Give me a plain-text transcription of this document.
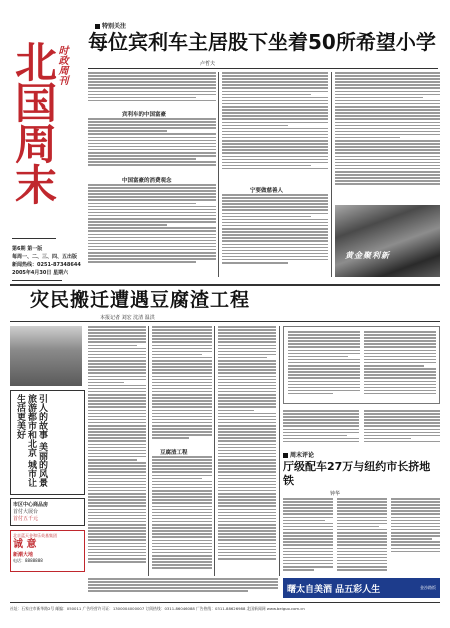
北国周末
时政周刊
第6期 第一版
每周一、二、三、四、五出版
新闻热线：0251-87348644
2005年4月30日 星期六
特别关注
每位宾利车主居股下坐着50所希望小学
卢哲夫
宾利车的中国富豪
中国富豪的消费观念
宁要做慈善人
黄金聚利新
灾民搬迁遭遇豆腐渣工程
本报记者 刘宏 沈清 温洪
引人的故事 美丽的风景 旅游都市和北京 城市让生活更美好
北京蓝天金和乐英基集团
诚 意
新潮大地
电话：8888888
市区中心商品房
首付大展台
首付五千元
豆腐渣工程	周末评论
厅级配车27万与纽约市长挤地铁
钟华
曙太自美酒 品五彩人生	金沙路饭
社址：石家庄市新华路2号 邮编：050011 广告经营许可证：1300004000007 订阅热线：0311-86046088 广告热线：0311-88626988 北国新闻网 www.beiguo.com.cn
